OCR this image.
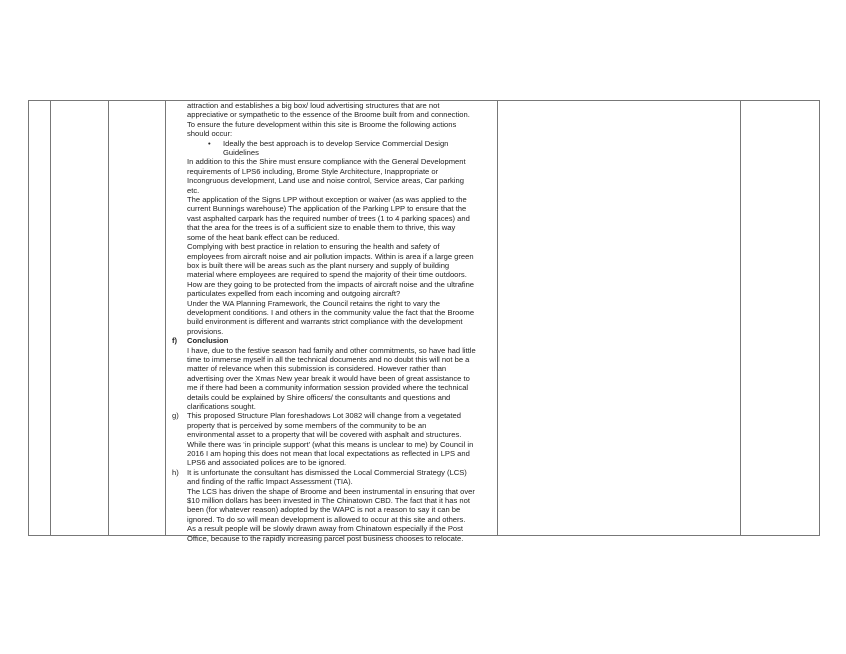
attraction and establishes a big box/ loud advertising structures that are not
appreciative or sympathetic to the essence of the Broome built from and connection.
To ensure the future development within this site is Broome the following actions
should occur:
• Ideally the best approach is to develop Service Commercial Design
Guidelines
In addition to this the Shire must ensure compliance with the General Development
requirements of LPS6 including, Brome Style Architecture, Inappropriate or
Incongruous development, Land use and noise control, Service areas, Car parking
etc.
The application of the Signs LPP without exception or waiver (as was applied to the
current Bunnings warehouse) The application of the Parking LPP to ensure that the
vast asphalted carpark has the required number of trees (1 to 4 parking spaces) and
that the area for the trees is of a sufficient size to enable them to thrive, this way
some of the heat bank effect can be reduced.
Complying with best practice in relation to ensuring the health and safety of
employees from aircraft noise and air pollution impacts. Within is area if a large green
box is built there will be areas such as the plant nursery and supply of building
material where employees are required to spend the majority of their time outdoors.
How are they going to be protected from the impacts of aircraft noise and the ultrafine
particulates expelled from each incoming and outgoing aircraft?
Under the WA Planning Framework, the Council retains the right to vary the
development conditions. I and others in the community value the fact that the Broome
build environment is different and warrants strict compliance with the development
provisions.
f) Conclusion
I have, due to the festive season had family and other commitments, so have had little
time to immerse myself in all the technical documents and no doubt this will not be a
matter of relevance when this submission is considered. However rather than
advertising over the Xmas New year break it would have been of great assistance to
me if there had been a community information session provided where the technical
details could be explained by Shire officers/ the consultants and questions and
clarifications sought.
g) This proposed Structure Plan foreshadows Lot 3082 will change from a vegetated
property that is perceived by some members of the community to be an
environmental asset to a property that will be covered with asphalt and structures.
While there was ‘in principle support’ (what this means is unclear to me) by Council in
2016 I am hoping this does not mean that local expectations as reflected in LPS and
LPS6 and associated polices are to be ignored.
h) It is unfortunate the consultant has dismissed the Local Commercial Strategy (LCS)
and finding of the raffic Impact Assessment (TIA).
The LCS has driven the shape of Broome and been instrumental in ensuring that over
$10 million dollars has been invested in The Chinatown CBD. The fact that it has not
been (for whatever reason) adopted by the WAPC is not a reason to say it can be
ignored. To do so will mean development is allowed to occur at this site and others.
As a result people will be slowly drawn away from Chinatown especially if the Post
Office, because to the rapidly increasing parcel post business chooses to relocate.
